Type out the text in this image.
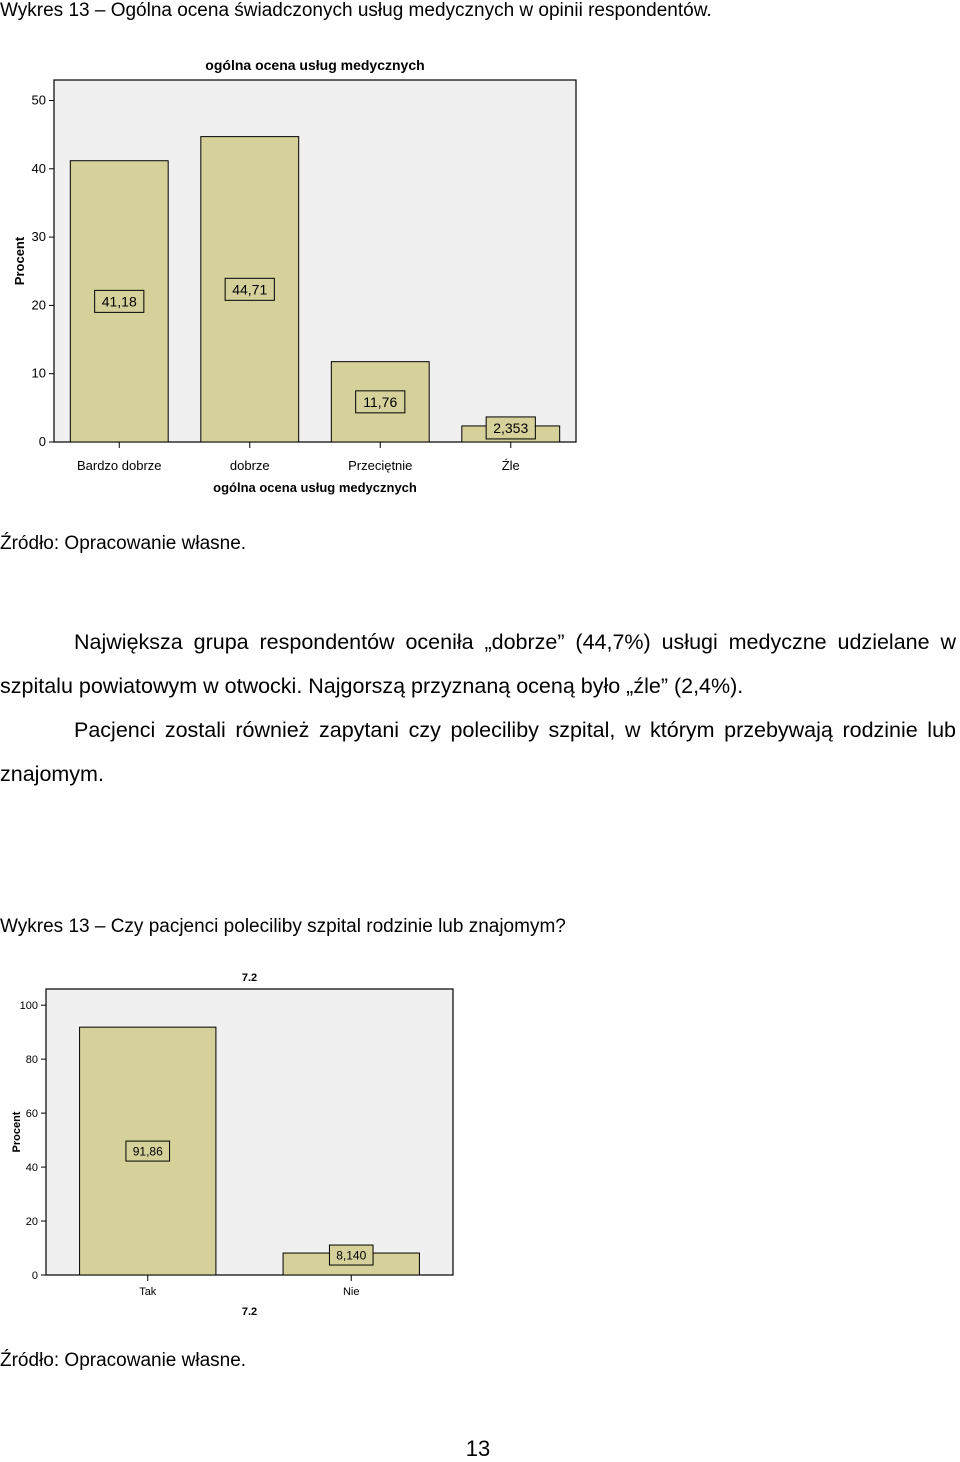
Wykres 13 – Ogólna ocena świadczonych usług medycznych w opinii respondentów.
ogólna ocena usług medycznych
0
10
20
30
40
50
Procent
Bardzo dobrze
41,18
dobrze
44,71
Przeciętnie
11,76
Źle
2,353
ogólna ocena usług medycznych
Źródło: Opracowanie własne.

Największa grupa respondentów oceniła „dobrze” (44,7%) usługi medyczne udzielane w szpitalu powiatowym w otwocki. Najgorszą przyznaną oceną było „źle” (2,4%).

Pacjenci zostali również zapytani czy poleciliby szpital, w którym przebywają rodzinie lub znajomym.

Wykres 13 – Czy pacjenci poleciliby szpital rodzinie lub znajomym?
7.2
0
20
40
60
80
100
Procent
Tak
91,86
Nie
8,140
7.2
Źródło: Opracowanie własne.
13
